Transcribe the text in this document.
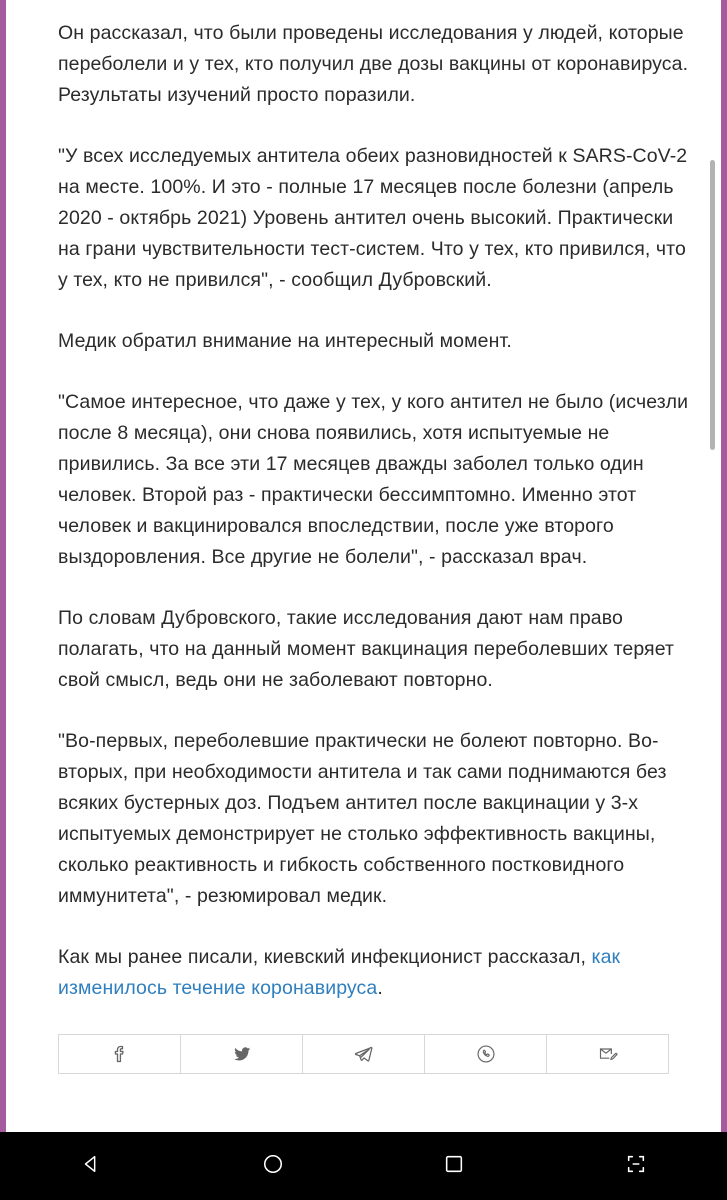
Он рассказал, что были проведены исследования у людей, которые переболели и у тех, кто получил две дозы вакцины от коронавируса. Результаты изучений просто поразили.

"У всех исследуемых антитела обеих разновидностей к SARS-CoV-2 на месте. 100%. И это - полные 17 месяцев после болезни (апрель 2020 - октябрь 2021) Уровень антител очень высокий. Практически на грани чувствительности тест-систем. Что у тех, кто привился, что у тех, кто не привился", - сообщил Дубровский.

Медик обратил внимание на интересный момент.

"Самое интересное, что даже у тех, у кого антител не было (исчезли после 8 месяца), они снова появились, хотя испытуемые не привились. За все эти 17 месяцев дважды заболел только один человек. Второй раз - практически бессимптомно. Именно этот человек и вакцинировался впоследствии, после уже второго выздоровления. Все другие не болели", - рассказал врач.

По словам Дубровского, такие исследования дают нам право полагать, что на данный момент вакцинация переболевших теряет свой смысл, ведь они не заболевают повторно.

"Во-первых, переболевшие практически не болеют повторно. Во-вторых, при необходимости антитела и так сами поднимаются без всяких бустерных доз. Подъем антител после вакцинации у 3-х испытуемых демонстрирует не столько эффективность вакцины, сколько реактивность и гибкость собственного постковидного иммунитета", - резюмировал медик.

Как мы ранее писали, киевский инфекционист рассказал, как изменилось течение коронавируса.
